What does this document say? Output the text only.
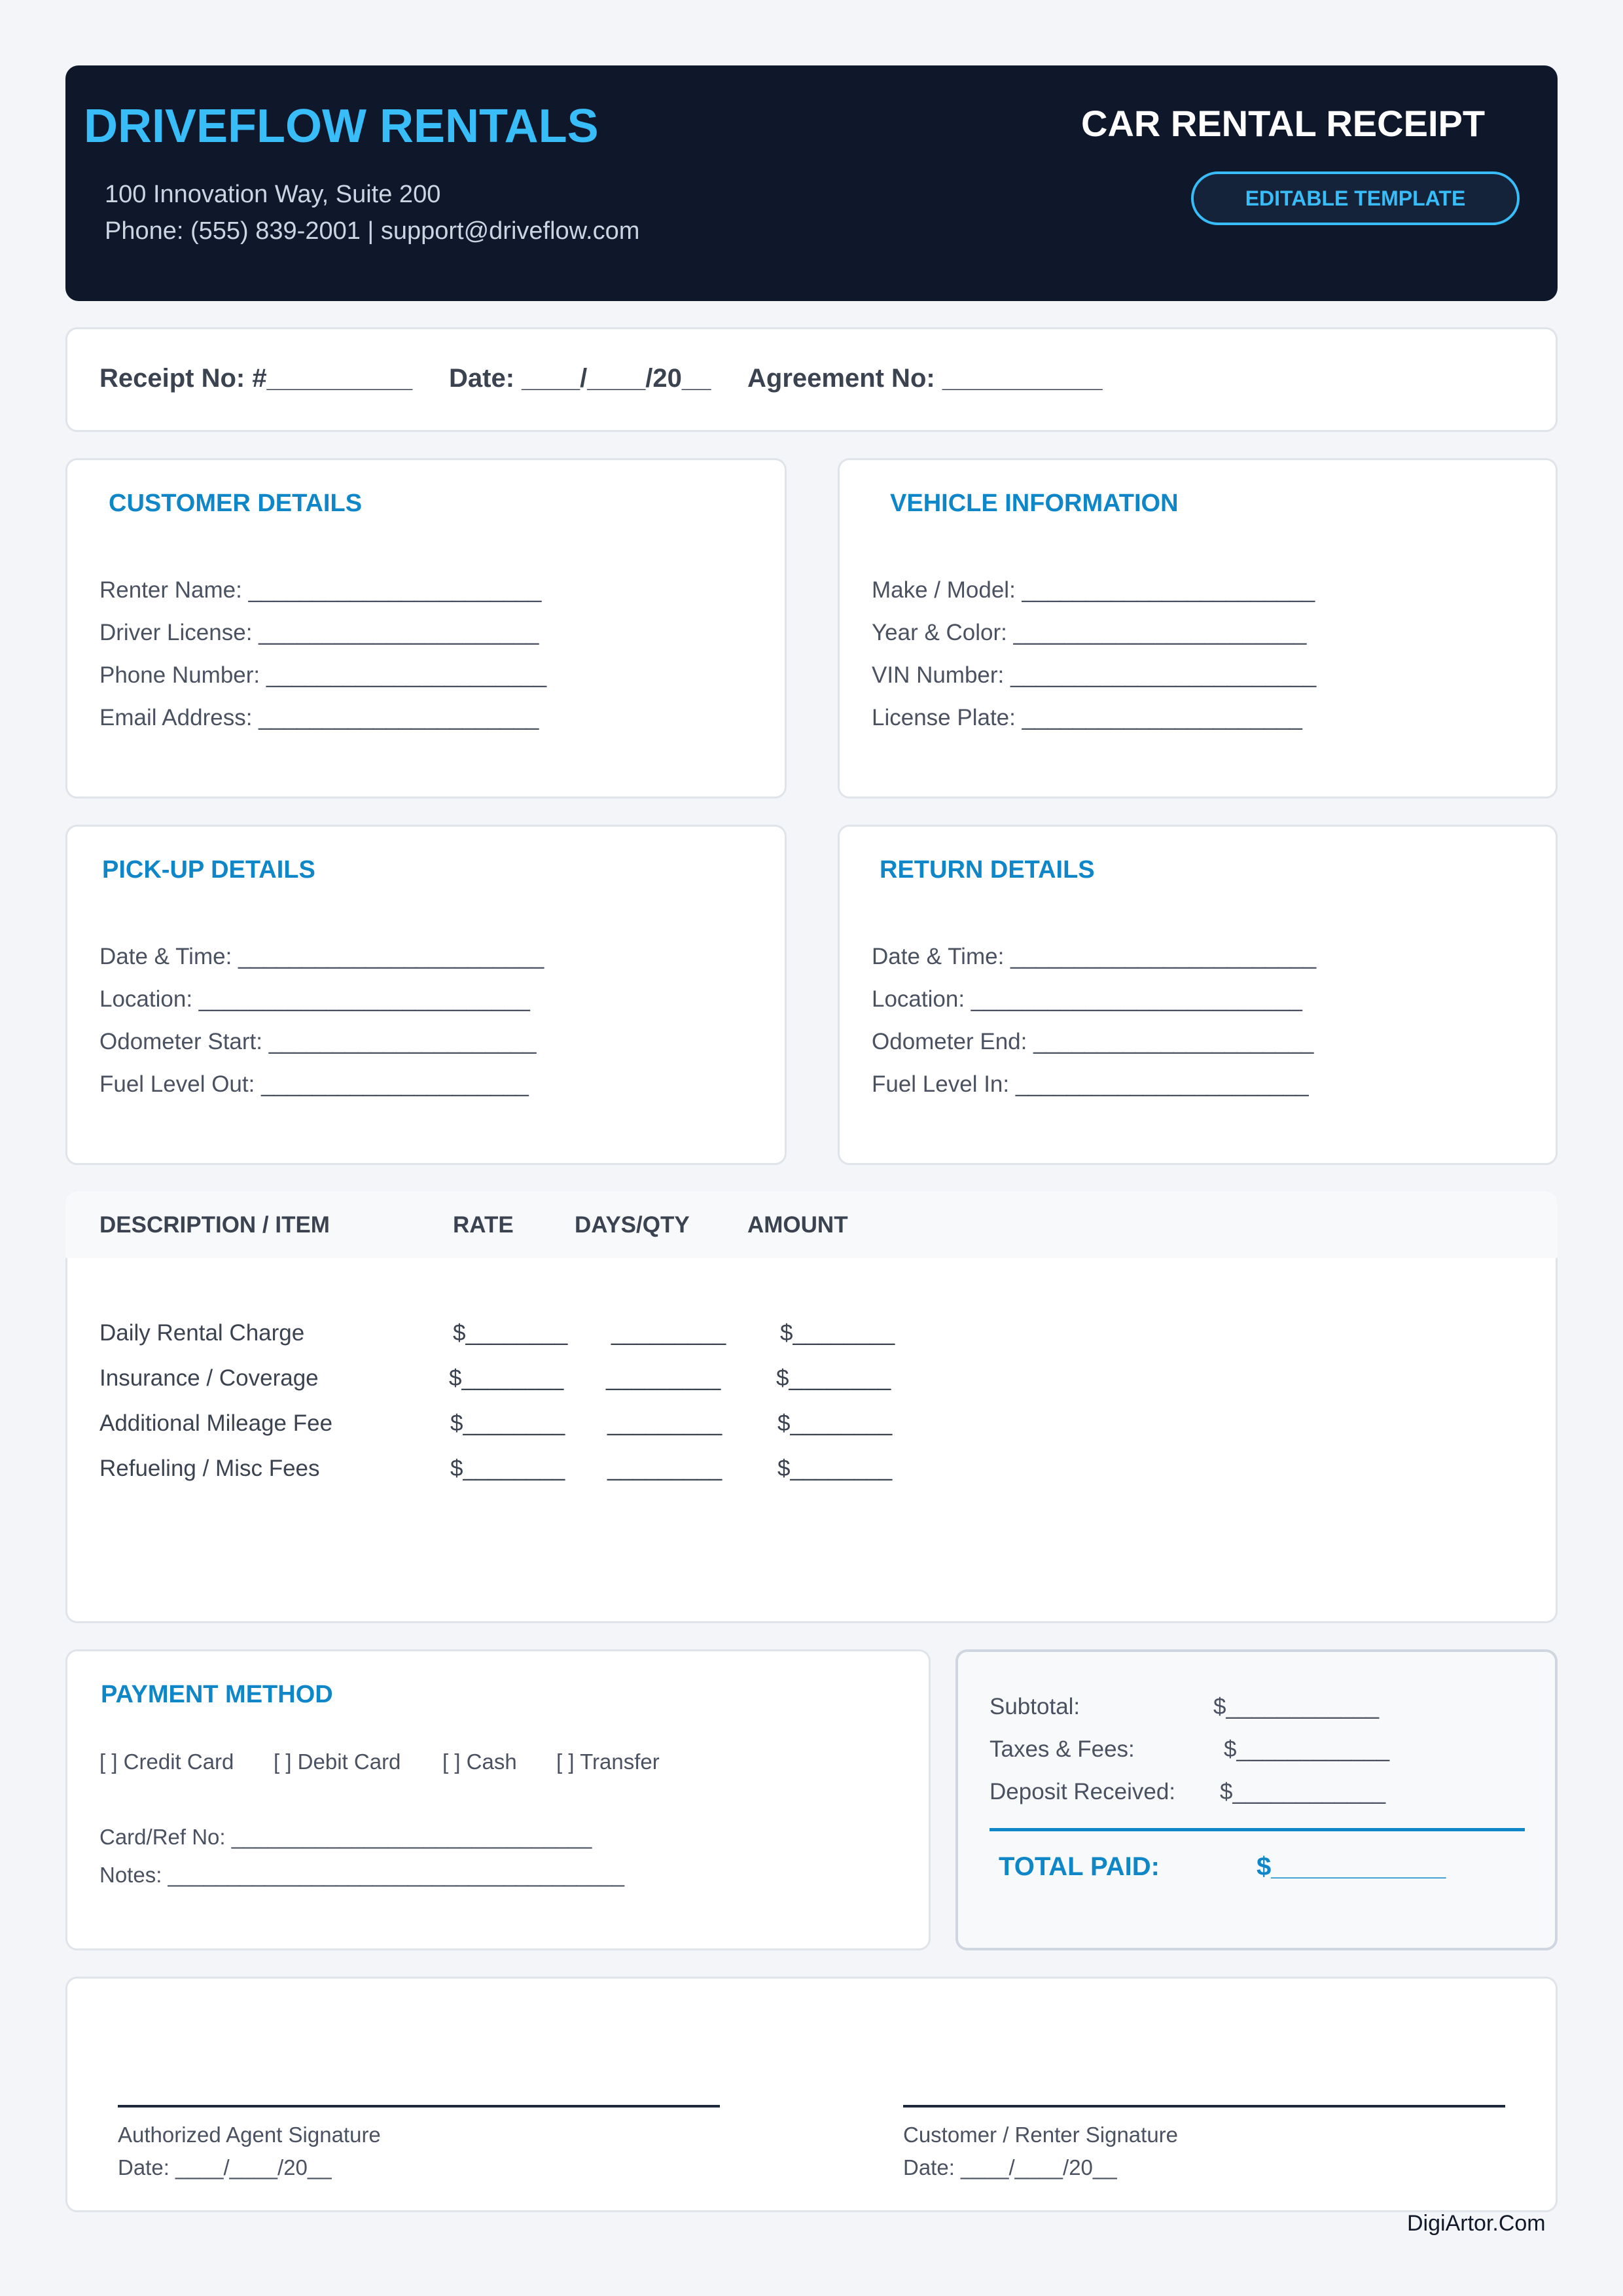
DRIVEFLOW RENTALS
100 Innovation Way, Suite 200
Phone: (555) 839-2001 | support@driveflow.com
CAR RENTAL RECEIPT
EDITABLE TEMPLATE
Receipt No: #__________ Date: ____/____/20__ Agreement No: ___________
CUSTOMER DETAILS
Renter Name: _______________________
Driver License: ______________________
Phone Number: ______________________
Email Address: ______________________
VEHICLE INFORMATION
Make / Model: _______________________
Year & Color: _______________________
VIN Number: ________________________
License Plate: ______________________
PICK-UP DETAILS
Date & Time: ________________________
Location: __________________________
Odometer Start: _____________________
Fuel Level Out: _____________________
RETURN DETAILS
Date & Time: ________________________
Location: __________________________
Odometer End: ______________________
Fuel Level In: _______________________
DESCRIPTION / ITEM	RATE	DAYS/QTY	AMOUNT
Daily Rental Charge	$________ _________ $________
Insurance / Coverage	$________ _________ $________
Additional Mileage Fee	$________ _________ $________
Refueling / Misc Fees	$________ _________ $________
PAYMENT METHOD
[ ] Credit Card [ ] Debit Card [ ] Cash [ ] Transfer
Card/Ref No: ______________________________
Notes: ______________________________________
Subtotal:	$____________
Taxes & Fees:	$____________
Deposit Received: $____________
TOTAL PAID:	$____________
Authorized Agent Signature
Date: ____/____/20__
Customer / Renter Signature
Date: ____/____/20__
DigiArtor.Com
